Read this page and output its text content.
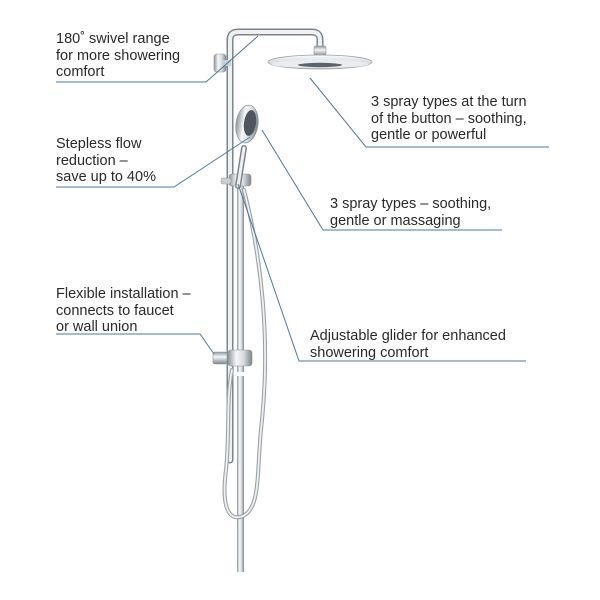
180˚ swivel range
for more showering
comfort

3 spray types at the turn
of the button – soothing,
gentle or powerful

Stepless flow
reduction –
save up to 40%

3 spray types – soothing,
gentle or massaging

Flexible installation –
connects to faucet
or wall union

Adjustable glider for enhanced
showering comfort
